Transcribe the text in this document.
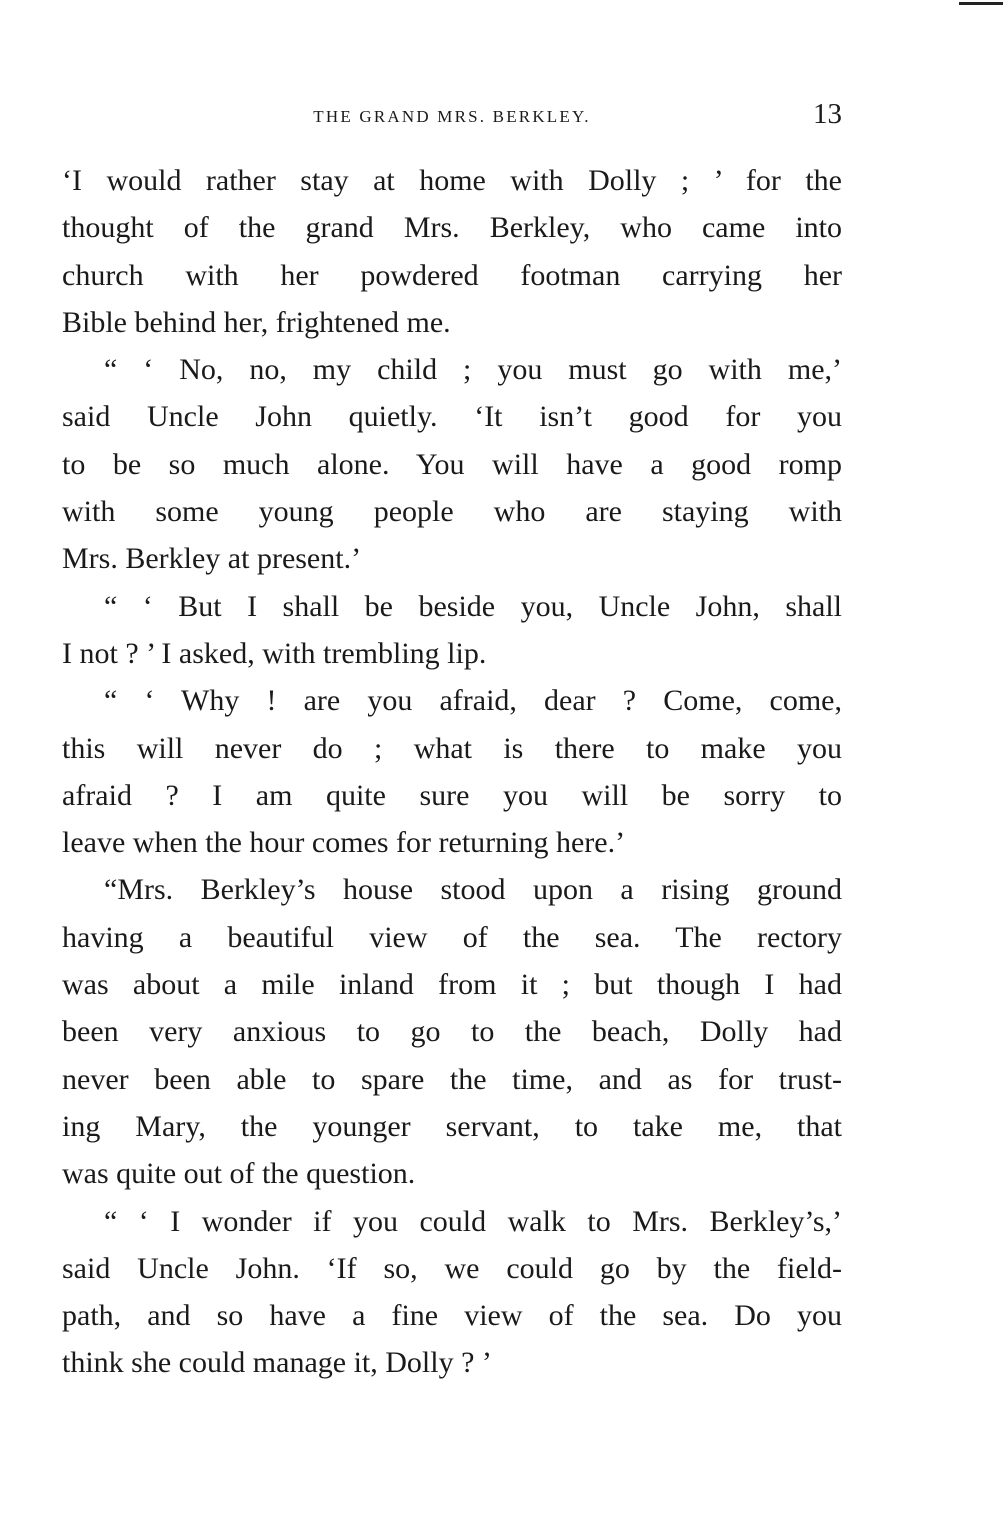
THE GRAND MRS. BERKLEY.	13
‘I would rather stay at home with Dolly ; ’ for the
thought of the grand Mrs. Berkley, who came into
church with her powdered footman carrying her
Bible behind her, frightened me.
“ ‘ No, no, my child ; you must go with me,’
said Uncle John quietly. ‘It isn’t good for you
to be so much alone. You will have a good romp
with some young people who are staying with
Mrs. Berkley at present.’
“ ‘ But I shall be beside you, Uncle John, shall
I not ? ’ I asked, with trembling lip.
“ ‘ Why ! are you afraid, dear ? Come, come,
this will never do ; what is there to make you
afraid ? I am quite sure you will be sorry to
leave when the hour comes for returning here.’
“Mrs. Berkley’s house stood upon a rising ground
having a beautiful view of the sea. The rectory
was about a mile inland from it ; but though I had
been very anxious to go to the beach, Dolly had
never been able to spare the time, and as for trust-
ing Mary, the younger servant, to take me, that
was quite out of the question.
“ ‘ I wonder if you could walk to Mrs. Berkley’s,’
said Uncle John. ‘If so, we could go by the field-
path, and so have a fine view of the sea. Do you
think she could manage it, Dolly ? ’
